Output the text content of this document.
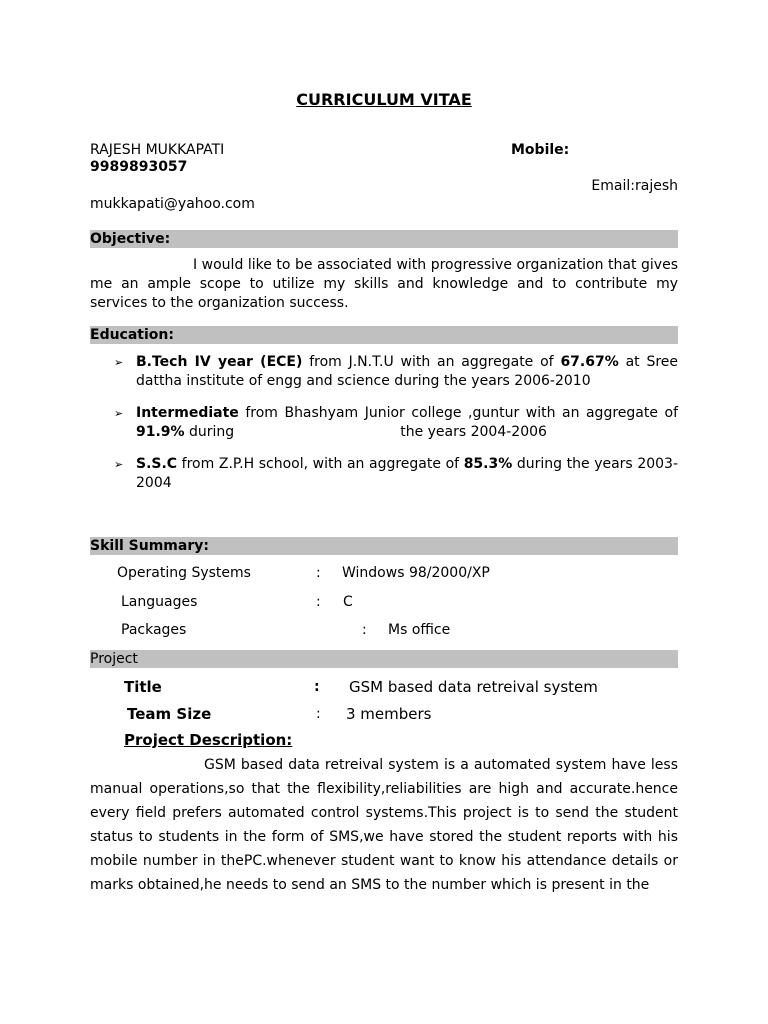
CURRICULUM VITAE
RAJESH MUKKAPATI	Mobile:
9989893057
Email:rajesh
mukkapati@yahoo.com
Objective:
I would like to be associated with progressive organization that gives me an ample scope to utilize my skills and knowledge and to contribute my services to the organization success.
Education:
➢ B.Tech IV year (ECE) from J.N.T.U with an aggregate of 67.67% at Sree dattha institute of engg and science during the years 2006-2010
➢ Intermediate from Bhashyam Junior college ,guntur with an aggregate of 91.9% during	the years 2004-2006
➢ S.S.C from Z.P.H school, with an aggregate of 85.3% during the years 2003-2004
Skill Summary:
Operating Systems	: Windows 98/2000/XP
Languages	: C
Packages	: Ms office
Project
Title	: GSM based data retreival system
Team Size	: 3 members
Project Description:
GSM based data retreival system is a automated system have less manual operations,so that the flexibility,reliabilities are high and accurate.hence every field prefers automated control systems.This project is to send the student status to students in the form of SMS,we have stored the student reports with his mobile number in thePC.whenever student want to know his attendance details or marks obtained,he needs to send an SMS to the number which is present in the
